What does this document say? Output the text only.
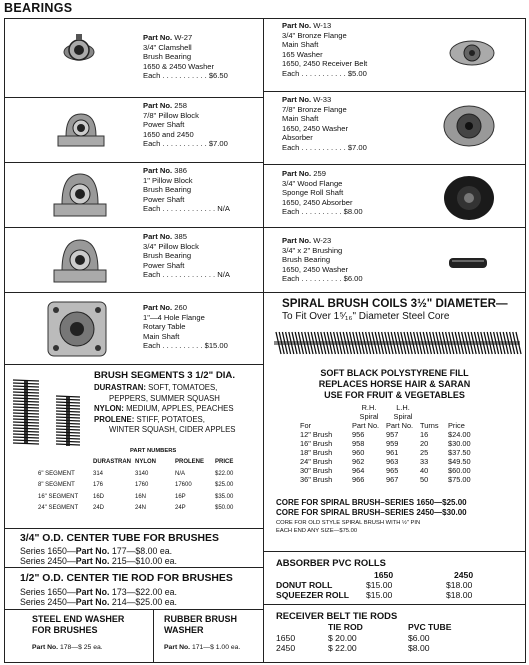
BEARINGS
Part No. W-27
3/4" Clamshell
Brush Bearing
1650 & 2450 Washer
Each . . . . . . . . . . . $6.50
Part No. 258
7/8" Pillow Block
Power Shaft
1650 and 2450
Each . . . . . . . . . . . $7.00
Part No. 386
1" Pillow Block
Brush Bearing
Power Shaft
Each . . . . . . . . . . . . . N/A
Part No. 385
3/4" Pillow Block
Brush Bearing
Power Shaft
Each . . . . . . . . . . . . . N/A
Part No. 260
1"—4 Hole Flange
Rotary Table
Main Shaft
Each . . . . . . . . . . $15.00
Part No. W-13
3/4" Bronze Flange
Main Shaft
165 Washer
1650, 2450 Receiver Belt
Each . . . . . . . . . . . $5.00
Part No. W-33
7/8" Bronze Flange
Main Shaft
1650, 2450 Washer
Absorber
Each . . . . . . . . . . . $7.00
Part No. 259
3/4" Wood Flange
Sponge Roll Shaft
1650, 2450 Absorber
Each . . . . . . . . . . $8.00
Part No. W-23
3/4" x 2" Brushing
Brush Bearing
1650, 2450 Washer
Each . . . . . . . . . . $6.00
SPIRAL BRUSH COILS 3½" DIAMETER—
To Fit Over 1⁵⁄₁₆" Diameter Steel Core
SOFT BLACK POLYSTYRENE FILL
REPLACES HORSE HAIR & SARAN
USE FOR FRUIT & VEGETABLES
R.H.	L.H.
Spiral	Spiral
For	Part No. Part No. Turns	Price
12" Brush	956	957	16	$24.00
16" Brush	958	959	20	$30.00
18" Brush	960	961	25	$37.50
24" Brush	962	963	33	$49.50
30" Brush	964	965	40	$60.00
36" Brush	966	967	50	$75.00
CORE FOR SPIRAL BRUSH–SERIES 1650—$25.00
CORE FOR SPIRAL BRUSH–SERIES 2450—$30.00
CORE FOR OLD STYLE SPIRAL BRUSH WITH ½" PIN
EACH END ANY SIZE—$75.00
BRUSH SEGMENTS 3 1/2" DIA.
DURASTRAN: SOFT, TOMATOES,
PEPPERS, SUMMER SQUASH
NYLON: MEDIUM, APPLES, PEACHES
PROLENE: STIFF, POTATOES,
WINTER SQUASH, CIDER APPLES
PART NUMBERS
DURASTRAN NYLON	PROLENE	PRICE
6" SEGMENT	314	3140	N/A	$22.00
8" SEGMENT	176	1760	17600	$25.00
16" SEGMENT	16D	16N	16P	$35.00
24" SEGMENT	24D	24N	24P	$50.00
3/4" O.D. CENTER TUBE FOR BRUSHES
Series 1650—Part No. 177—$8.00 ea.
Series 2450—Part No. 215—$10.00 ea.
1/2" O.D. CENTER TIE ROD FOR BRUSHES
Series 1650—Part No. 173—$22.00 ea.
Series 2450—Part No. 214—$25.00 ea.
STEEL END WASHER
FOR BRUSHES
Part No. 178—$ 25 ea.
RUBBER BRUSH
WASHER
Part No. 171—$ 1.00 ea.
ABSORBER PVC ROLLS
1650	2450
DONUT ROLL	$15.00	$18.00
SQUEEZER ROLL	$15.00	$18.00
RECEIVER BELT TIE RODS
TIE ROD	PVC TUBE
1650	$ 20.00	$6.00
2450	$ 22.00	$8.00
